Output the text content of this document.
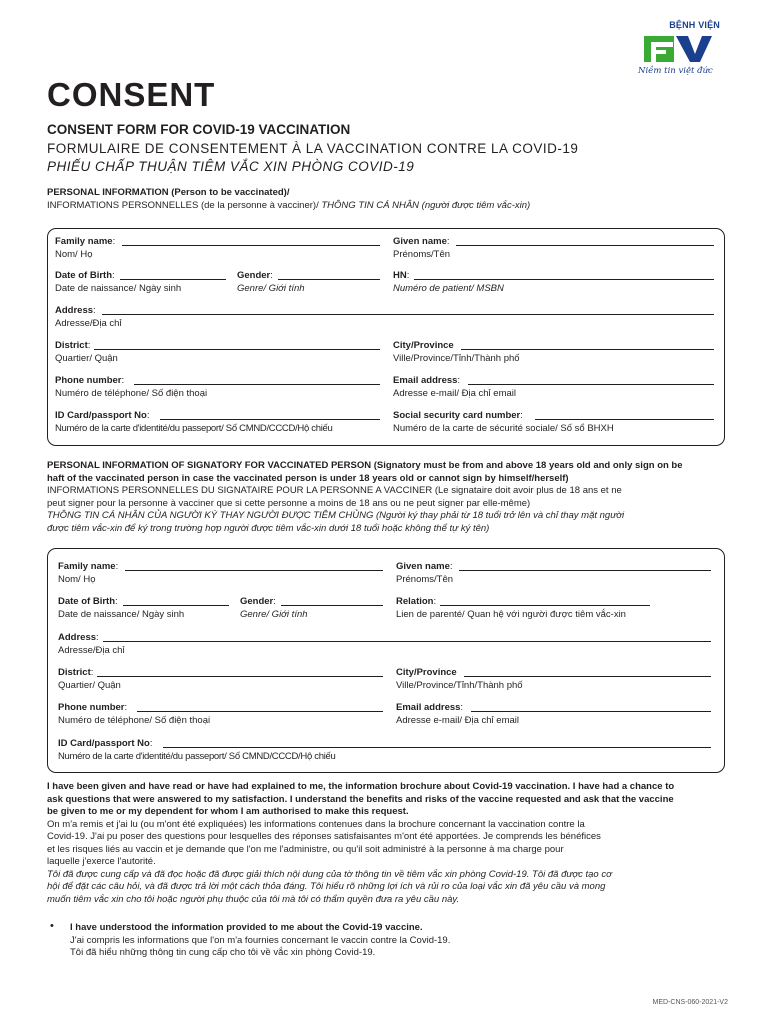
BỆNH VIỆN
Niềm tin việt đức
CONSENT
CONSENT FORM FOR COVID-19 VACCINATION
FORMULAIRE DE CONSENTEMENT À LA VACCINATION CONTRE LA COVID-19
PHIẾU CHẤP THUẬN TIÊM VẮC XIN PHÒNG COVID-19
PERSONAL INFORMATION (Person to be vaccinated)/
INFORMATIONS PERSONNELLES (de la personne à vacciner)/ THÔNG TIN CÁ NHÂN (người được tiêm vắc-xin)
Family name:
Nom/ Họ
Given name:
Prénoms/Tên
Date of Birth:
Date de naissance/ Ngày sinh
Gender:
Genre/ Giới tính
HN:
Numéro de patient/ MSBN
Address:
Adresse/Địa chỉ
District:
Quartier/ Quận
City/Province
Ville/Province/Tỉnh/Thành phố
Phone number:
Numéro de téléphone/ Số điện thoại
Email address:
Adresse e-mail/ Địa chỉ email
ID Card/passport No:
Numéro de la carte d'identité/du passeport/ Số CMND/CCCD/Hộ chiếu
Social security card number:
Numéro de la carte de sécurité sociale/ Số sổ BHXH
PERSONAL INFORMATION OF SIGNATORY FOR VACCINATED PERSON (Signatory must be from and above 18 years old and only sign on be
haft of the vaccinated person in case the vaccinated person is under 18 years old or cannot sign by himself/herself)
INFORMATIONS PERSONNELLES DU SIGNATAIRE POUR LA PERSONNE A VACCINER (Le signataire doit avoir plus de 18 ans et ne
peut signer pour la personne à vacciner que si cette personne a moins de 18 ans ou ne peut signer par elle-même)
THÔNG TIN CÁ NHÂN CỦA NGƯỜI KÝ THAY NGƯỜI ĐƯỢC TIÊM CHỦNG (Người ký thay phải từ 18 tuổi trở lên và chỉ thay mặt người
được tiêm vắc-xin để ký trong trường hợp người được tiêm vắc-xin dưới 18 tuổi hoặc không thể tự ký tên)
Family name:
Nom/ Họ
Given name:
Prénoms/Tên
Date of Birth:
Date de naissance/ Ngày sinh
Gender:
Genre/ Giới tính
Relation:
Lien de parenté/ Quan hệ với người được tiêm vắc-xin
Address:
Adresse/Địa chỉ
District:
Quartier/ Quận
City/Province
Ville/Province/Tỉnh/Thành phố
Phone number:
Numéro de téléphone/ Số điện thoại
Email address:
Adresse e-mail/ Địa chỉ email
ID Card/passport No:
Numéro de la carte d'identité/du passeport/ Số CMND/CCCD/Hộ chiếu
I have been given and have read or have had explained to me, the information brochure about Covid-19 vaccination. I have had a chance to
ask questions that were answered to my satisfaction. I understand the benefits and risks of the vaccine requested and ask that the vaccine
be given to me or my dependent for whom I am authorised to make this request.
On m'a remis et j'ai lu (ou m'ont été expliquées) les informations contenues dans la brochure concernant la vaccination contre la
Covid-19. J'ai pu poser des questions pour lesquelles des réponses satisfaisantes m'ont été apportées. Je comprends les bénéfices
et les risques liés au vaccin et je demande que l'on me l'administre, ou qu'il soit administré à la personne à ma charge pour
laquelle j'exerce l'autorité.
Tôi đã được cung cấp và đã đọc hoặc đã được giải thích nội dung của tờ thông tin về tiêm vắc xin phòng Covid-19. Tôi đã được tạo cơ
hội để đặt các câu hỏi, và đã được trả lời một cách thỏa đáng. Tôi hiểu rõ những lợi ích và rủi ro của loại vắc xin đã yêu cầu và mong
muốn tiêm vắc xin cho tôi hoặc người phụ thuộc của tôi mà tôi có thẩm quyền đưa ra yêu cầu này.
• I have understood the information provided to me about the Covid-19 vaccine.
J'ai compris les informations que l'on m'a fournies concernant le vaccin contre la Covid-19.
Tôi đã hiểu những thông tin cung cấp cho tôi về vắc xin phòng Covid-19.
MED-CNS-060-2021-V2
